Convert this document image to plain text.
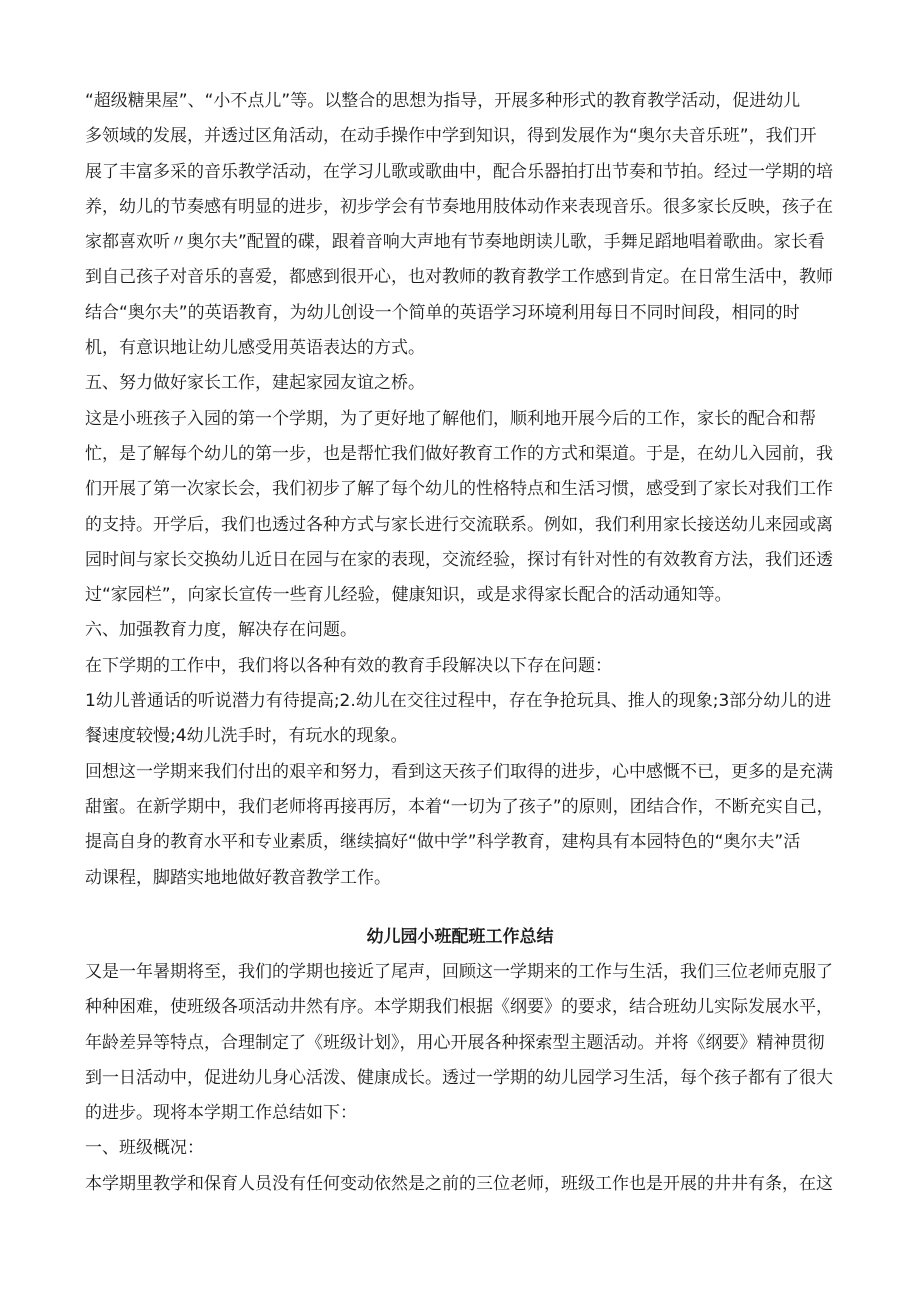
“超级糖果屋”、“小不点儿”等。以整合的思想为指导，开展多种形式的教育教学活动，促进幼儿
多领域的发展，并透过区角活动，在动手操作中学到知识，得到发展作为“奥尔夫音乐班”，我们开
展了丰富多采的音乐教学活动，在学习儿歌或歌曲中，配合乐器拍打出节奏和节拍。经过一学期的培
养，幼儿的节奏感有明显的进步，初步学会有节奏地用肢体动作来表现音乐。很多家长反映，孩子在
家都喜欢听〃奥尔夫”配置的碟，跟着音响大声地有节奏地朗读儿歌，手舞足蹈地唱着歌曲。家长看
到自己孩子对音乐的喜爱，都感到很开心，也对教师的教育教学工作感到肯定。在日常生活中，教师
结合“奥尔夫”的英语教育，为幼儿创设一个简单的英语学习环境利用每日不同时间段，相同的时
机，有意识地让幼儿感受用英语表达的方式。
五、努力做好家长工作，建起家园友谊之桥。
这是小班孩子入园的第一个学期，为了更好地了解他们，顺利地开展今后的工作，家长的配合和帮
忙，是了解每个幼儿的第一步，也是帮忙我们做好教育工作的方式和渠道。于是，在幼儿入园前，我
们开展了第一次家长会，我们初步了解了每个幼儿的性格特点和生活习惯，感受到了家长对我们工作
的支持。开学后，我们也透过各种方式与家长进行交流联系。例如，我们利用家长接送幼儿来园或离
园时间与家长交换幼儿近日在园与在家的表现，交流经验，探讨有针对性的有效教育方法，我们还透
过“家园栏”，向家长宣传一些育儿经验，健康知识，或是求得家长配合的活动通知等。
六、加强教育力度，解决存在问题。
在下学期的工作中，我们将以各种有效的教育手段解决以下存在问题：
1幼儿普通话的听说潜力有待提高;2.幼儿在交往过程中，存在争抢玩具、推人的现象;3部分幼儿的进
餐速度较慢;4幼儿洗手时，有玩水的现象。
回想这一学期来我们付出的艰辛和努力，看到这天孩子们取得的进步，心中感慨不已，更多的是充满
甜蜜。在新学期中，我们老师将再接再厉，本着“一切为了孩子”的原则，团结合作，不断充实自己，
提高自身的教育水平和专业素质，继续搞好“做中学”科学教育，建构具有本园特色的“奥尔夫”活
动课程，脚踏实地地做好教音教学工作。
幼儿园小班配班工作总结
又是一年暑期将至，我们的学期也接近了尾声，回顾这一学期来的工作与生活，我们三位老师克服了
种种困难，使班级各项活动井然有序。本学期我们根据《纲要》的要求，结合班幼儿实际发展水平，
年龄差异等特点，合理制定了《班级计划》，用心开展各种探索型主题活动。并将《纲要》精神贯彻
到一日活动中，促进幼儿身心活泼、健康成长。透过一学期的幼儿园学习生活，每个孩子都有了很大
的进步。现将本学期工作总结如下：
一、班级概况：
本学期里教学和保育人员没有任何变动依然是之前的三位老师，班级工作也是开展的井井有条，在这
